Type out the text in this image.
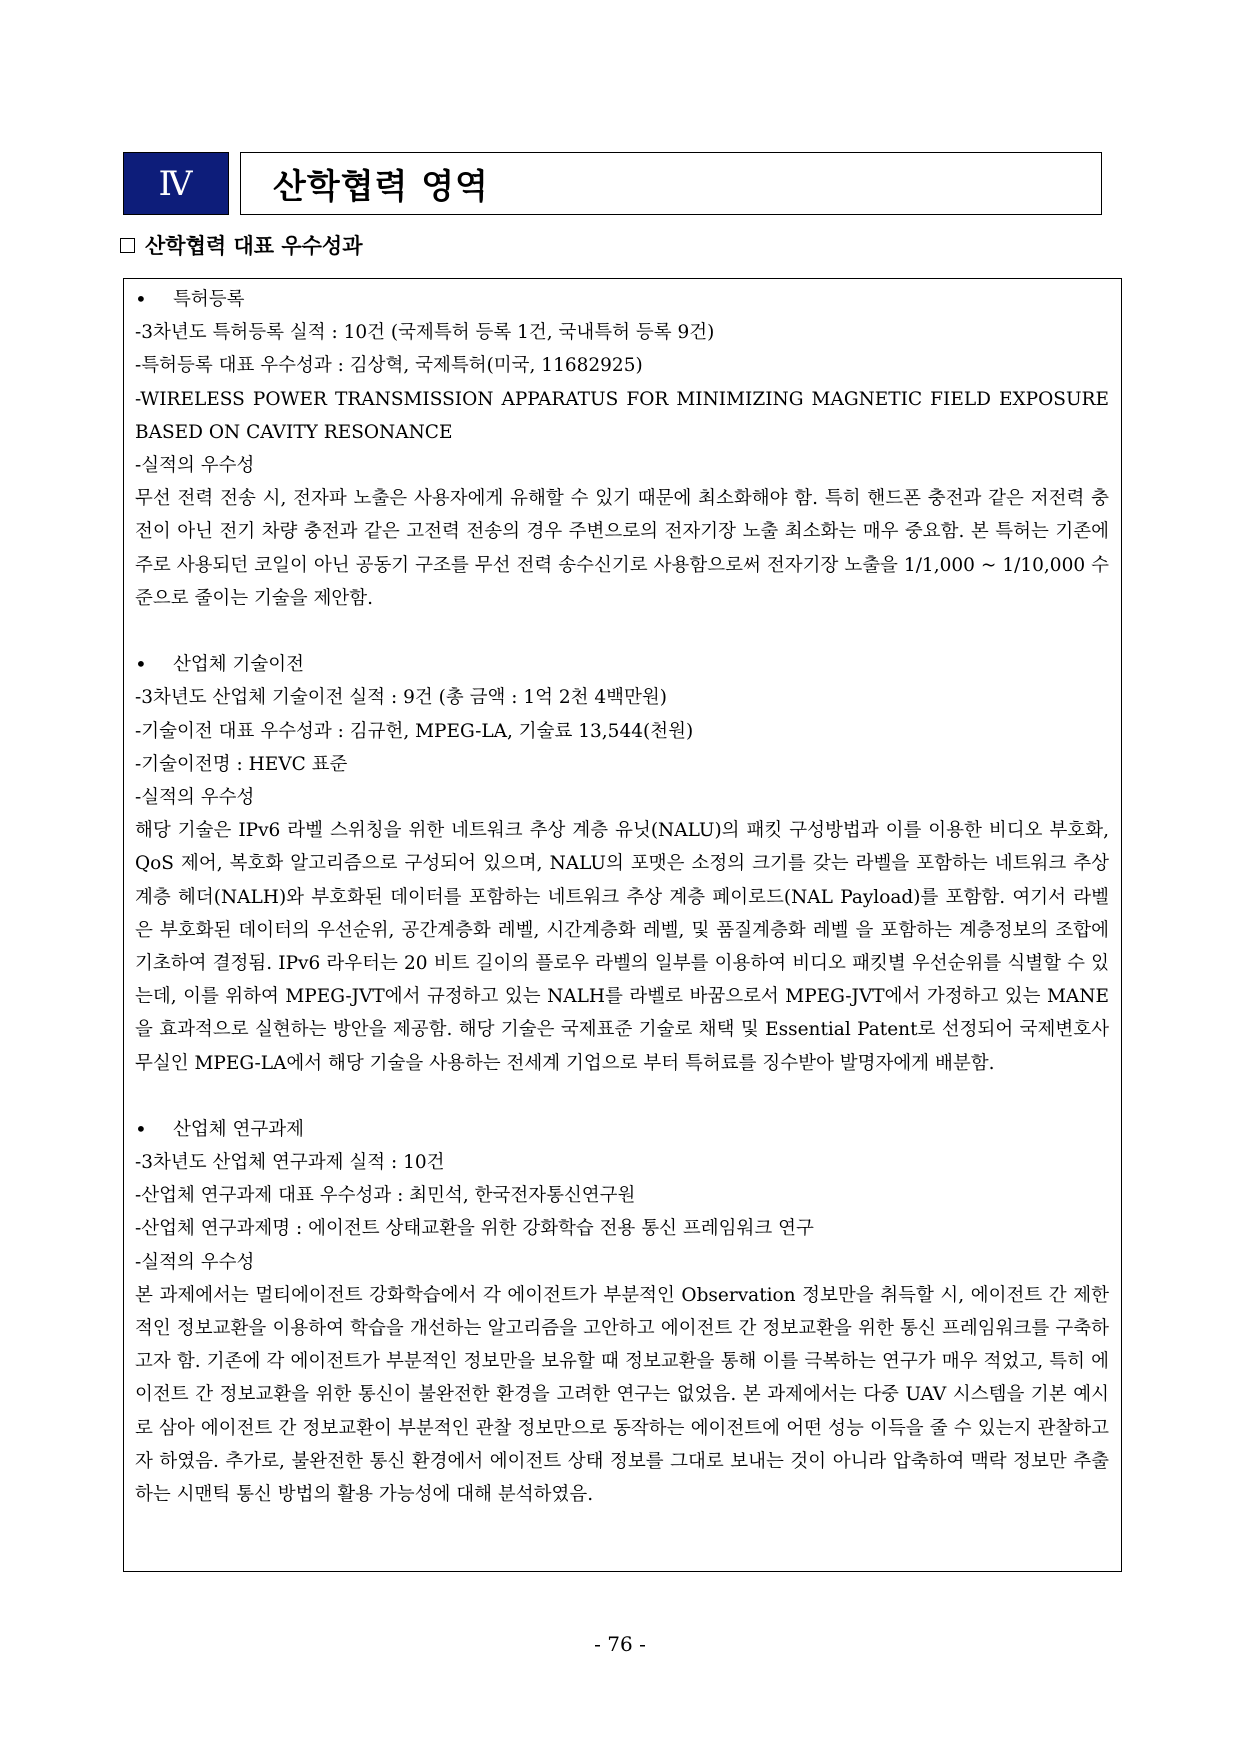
Ⅳ 산학협력 영역
산학협력 대표 우수성과
•	특허등록
-3차년도 특허등록 실적 : 10건 (국제특허 등록 1건, 국내특허 등록 9건)
-특허등록 대표 우수성과 : 김상혁, 국제특허(미국, 11682925)
-WIRELESS POWER TRANSMISSION APPARATUS FOR MINIMIZING MAGNETIC FIELD EXPOSURE BASED ON CAVITY RESONANCE
-실적의 우수성
무선 전력 전송 시, 전자파 노출은 사용자에게 유해할 수 있기 때문에 최소화해야 함. 특히 핸드폰 충전과 같은 저전력 충전이 아닌 전기 차량 충전과 같은 고전력 전송의 경우 주변으로의 전자기장 노출 최소화는 매우 중요함. 본 특허는 기존에 주로 사용되던 코일이 아닌 공동기 구조를 무선 전력 송수신기로 사용함으로써 전자기장 노출을 1/1,000 ~ 1/10,000 수준으로 줄이는 기술을 제안함.
•	산업체 기술이전
-3차년도 산업체 기술이전 실적 : 9건 (총 금액 : 1억 2천 4백만원)
-기술이전 대표 우수성과 : 김규헌, MPEG-LA, 기술료 13,544(천원)
-기술이전명 : HEVC 표준
-실적의 우수성
해당 기술은 IPv6 라벨 스위칭을 위한 네트워크 추상 계층 유닛(NALU)의 패킷 구성방법과 이를 이용한 비디오 부호화, QoS 제어, 복호화 알고리즘으로 구성되어 있으며, NALU의 포맷은 소정의 크기를 갖는 라벨을 포함하는 네트워크 추상 계층 헤더(NALH)와 부호화된 데이터를 포함하는 네트워크 추상 계층 페이로드(NAL Payload)를 포함함. 여기서 라벨은 부호화된 데이터의 우선순위, 공간계층화 레벨, 시간계층화 레벨, 및 품질계층화 레벨 을 포함하는 계층정보의 조합에 기초하여 결정됨. IPv6 라우터는 20 비트 길이의 플로우 라벨의 일부를 이용하여 비디오 패킷별 우선순위를 식별할 수 있는데, 이를 위하여 MPEG-JVT에서 규정하고 있는 NALH를 라벨로 바꿈으로서 MPEG-JVT에서 가정하고 있는 MANE을 효과적으로 실현하는 방안을 제공함. 해당 기술은 국제표준 기술로 채택 및 Essential Patent로 선정되어 국제변호사무실인 MPEG-LA에서 해당 기술을 사용하는 전세계 기업으로 부터 특허료를 징수받아 발명자에게 배분함.
•	산업체 연구과제
-3차년도 산업체 연구과제 실적 : 10건
-산업체 연구과제 대표 우수성과 : 최민석, 한국전자통신연구원
-산업체 연구과제명 : 에이전트 상태교환을 위한 강화학습 전용 통신 프레임워크 연구
-실적의 우수성
본 과제에서는 멀티에이전트 강화학습에서 각 에이전트가 부분적인 Observation 정보만을 취득할 시, 에이전트 간 제한적인 정보교환을 이용하여 학습을 개선하는 알고리즘을 고안하고 에이전트 간 정보교환을 위한 통신 프레임워크를 구축하고자 함. 기존에 각 에이전트가 부분적인 정보만을 보유할 때 정보교환을 통해 이를 극복하는 연구가 매우 적었고, 특히 에이전트 간 정보교환을 위한 통신이 불완전한 환경을 고려한 연구는 없었음. 본 과제에서는 다중 UAV 시스템을 기본 예시로 삼아 에이전트 간 정보교환이 부분적인 관찰 정보만으로 동작하는 에이전트에 어떤 성능 이득을 줄 수 있는지 관찰하고자 하였음. 추가로, 불완전한 통신 환경에서 에이전트 상태 정보를 그대로 보내는 것이 아니라 압축하여 맥락 정보만 추출하는 시맨틱 통신 방법의 활용 가능성에 대해 분석하였음.
- 76 -
